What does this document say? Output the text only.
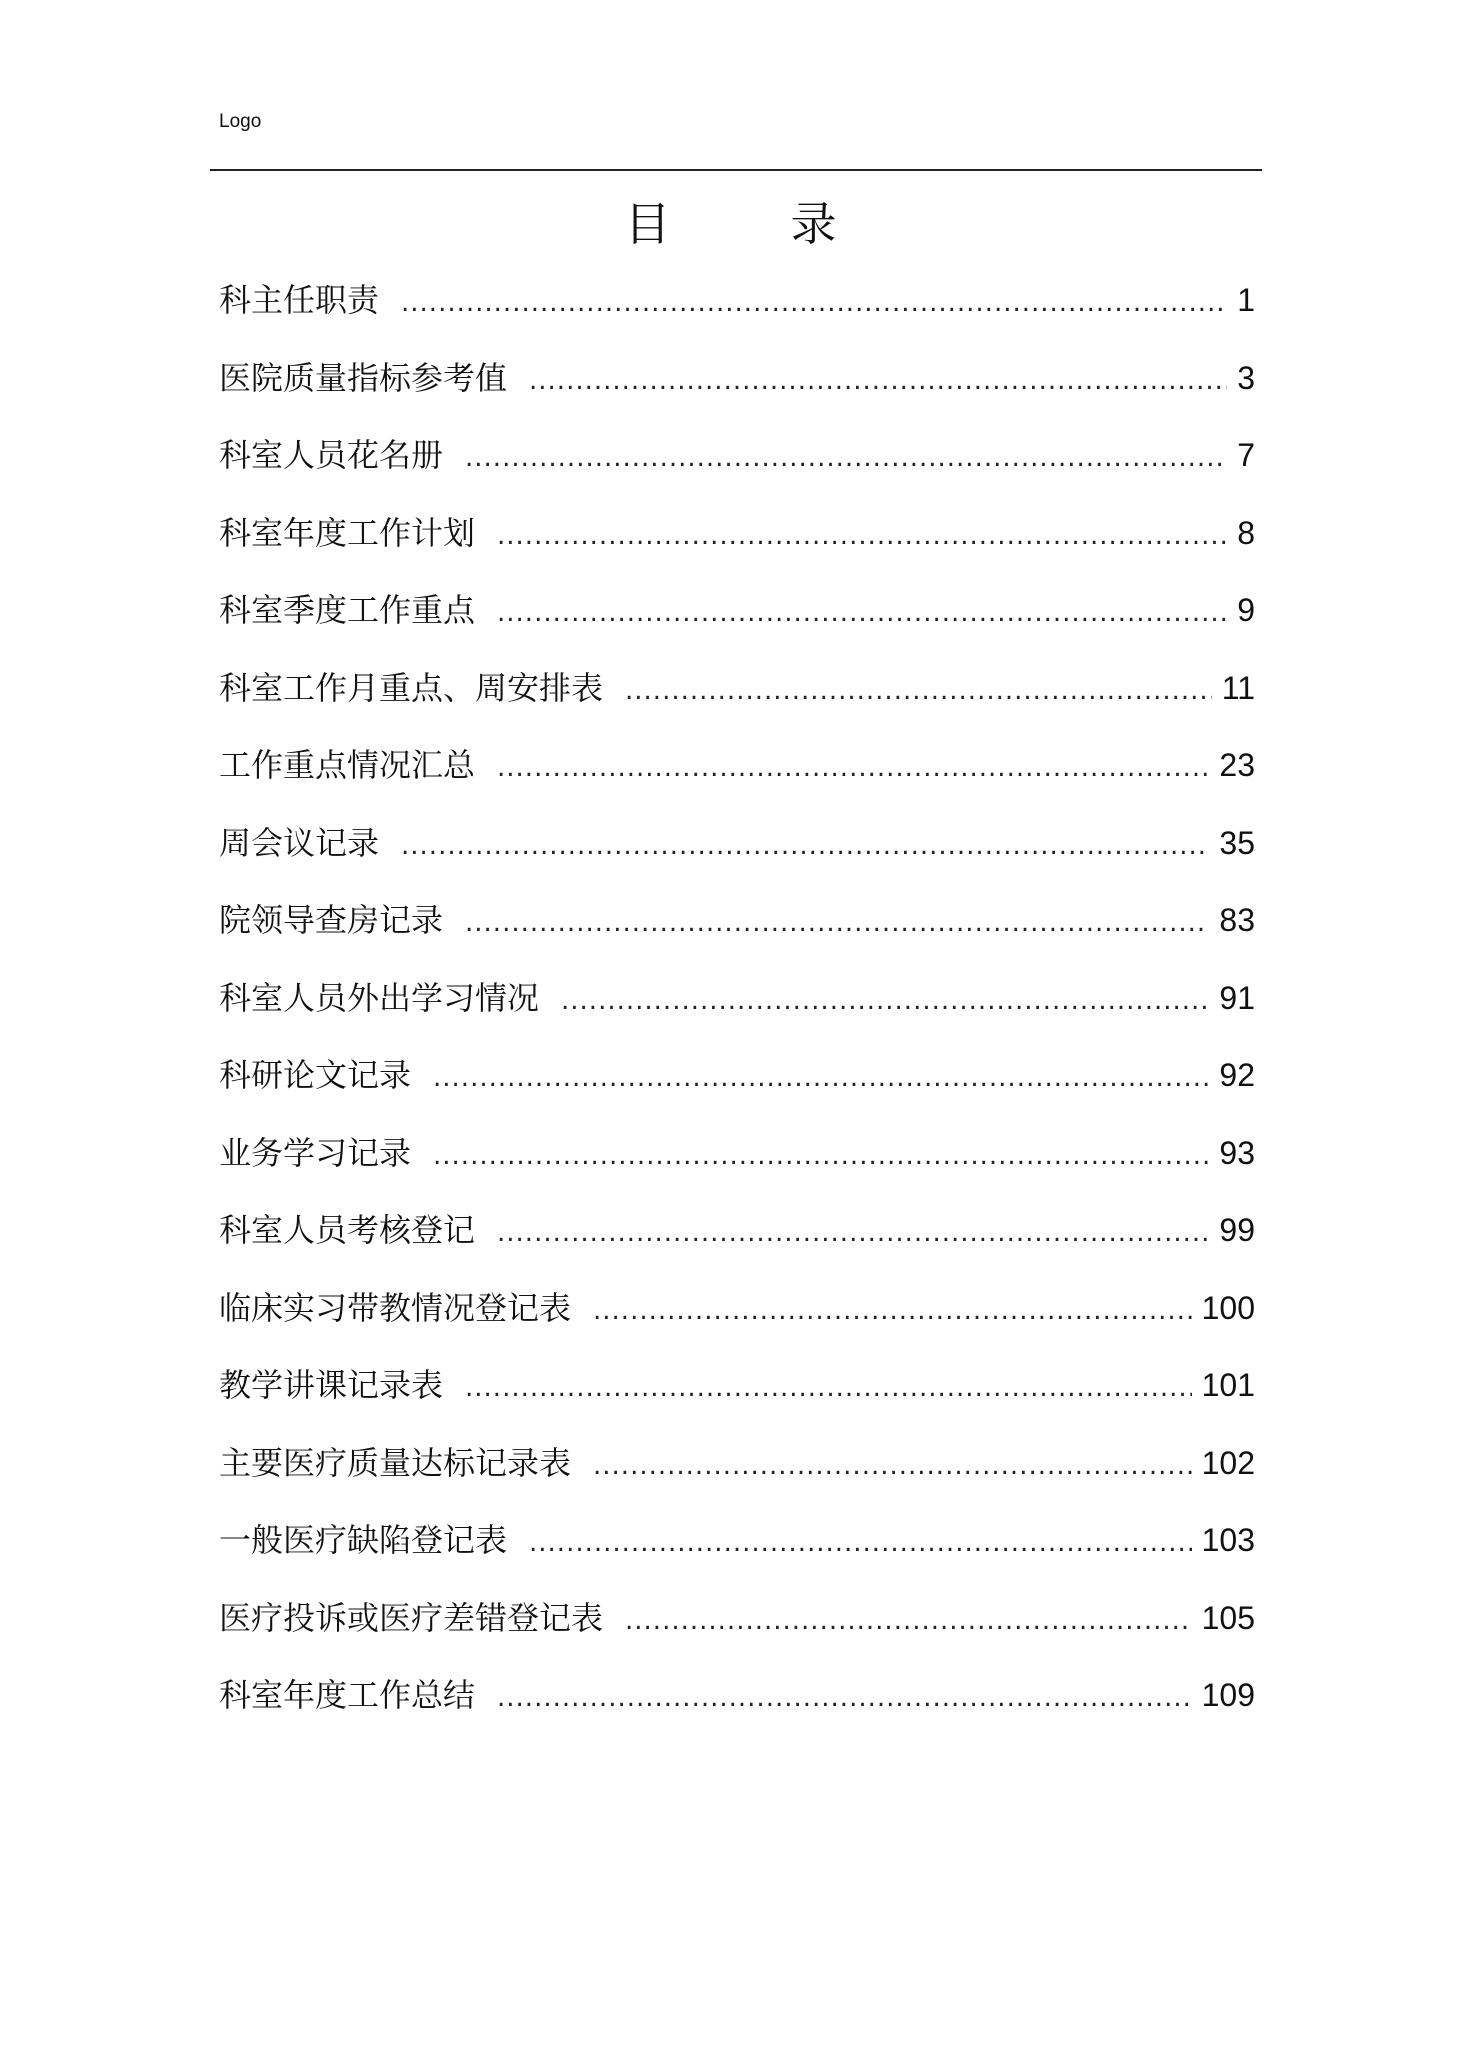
Logo
目录
科主任职责 .....	1
医院质量指标参考值 .....	3
科室人员花名册 .....	7
科室年度工作计划 .....	8
科室季度工作重点 .....	9
科室工作月重点、周安排表 .....	11
工作重点情况汇总 .....	23
周会议记录 .....	35
院领导查房记录 .....	83
科室人员外出学习情况 .....	91
科研论文记录 .....	92
业务学习记录 .....	93
科室人员考核登记 .....	99
临床实习带教情况登记表 .....	100
教学讲课记录表 .....	101
主要医疗质量达标记录表 .....	102
一般医疗缺陷登记表 .....	103
医疗投诉或医疗差错登记表 .....	105
科室年度工作总结 .....	109
